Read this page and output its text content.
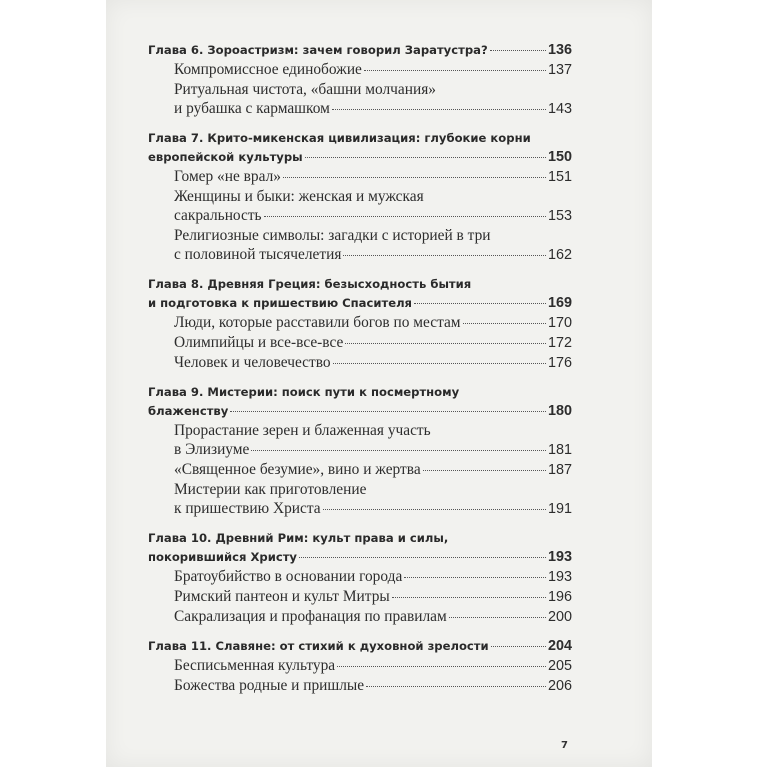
Глава 6. Зороастризм: зачем говорил Заратустра?	136
Компромиссное единобожие	137
Ритуальная чистота, «башни молчания»
и рубашка с кармашком	143
Глава 7. Крито-микенская цивилизация: глубокие корни
европейской культуры	150
Гомер «не врал»	151
Женщины и быки: женская и мужская
сакральность	153
Религиозные символы: загадки с историей в три
с половиной тысячелетия	162
Глава 8. Древняя Греция: безысходность бытия
и подготовка к пришествию Спасителя	169
Люди, которые расставили богов по местам	170
Олимпийцы и все-все-все	172
Человек и человечество	176
Глава 9. Мистерии: поиск пути к посмертному
блаженству	180
Прорастание зерен и блаженная участь
в Элизиуме	181
«Священное безумие», вино и жертва	187
Мистерии как приготовление
к пришествию Христа	191
Глава 10. Древний Рим: культ права и силы,
покорившийся Христу	193
Братоубийство в основании города	193
Римский пантеон и культ Митры	196
Сакрализация и профанация по правилам	200
Глава 11. Славяне: от стихий к духовной зрелости	204
Бесписьменная культура	205
Божества родные и пришлые	206
7
